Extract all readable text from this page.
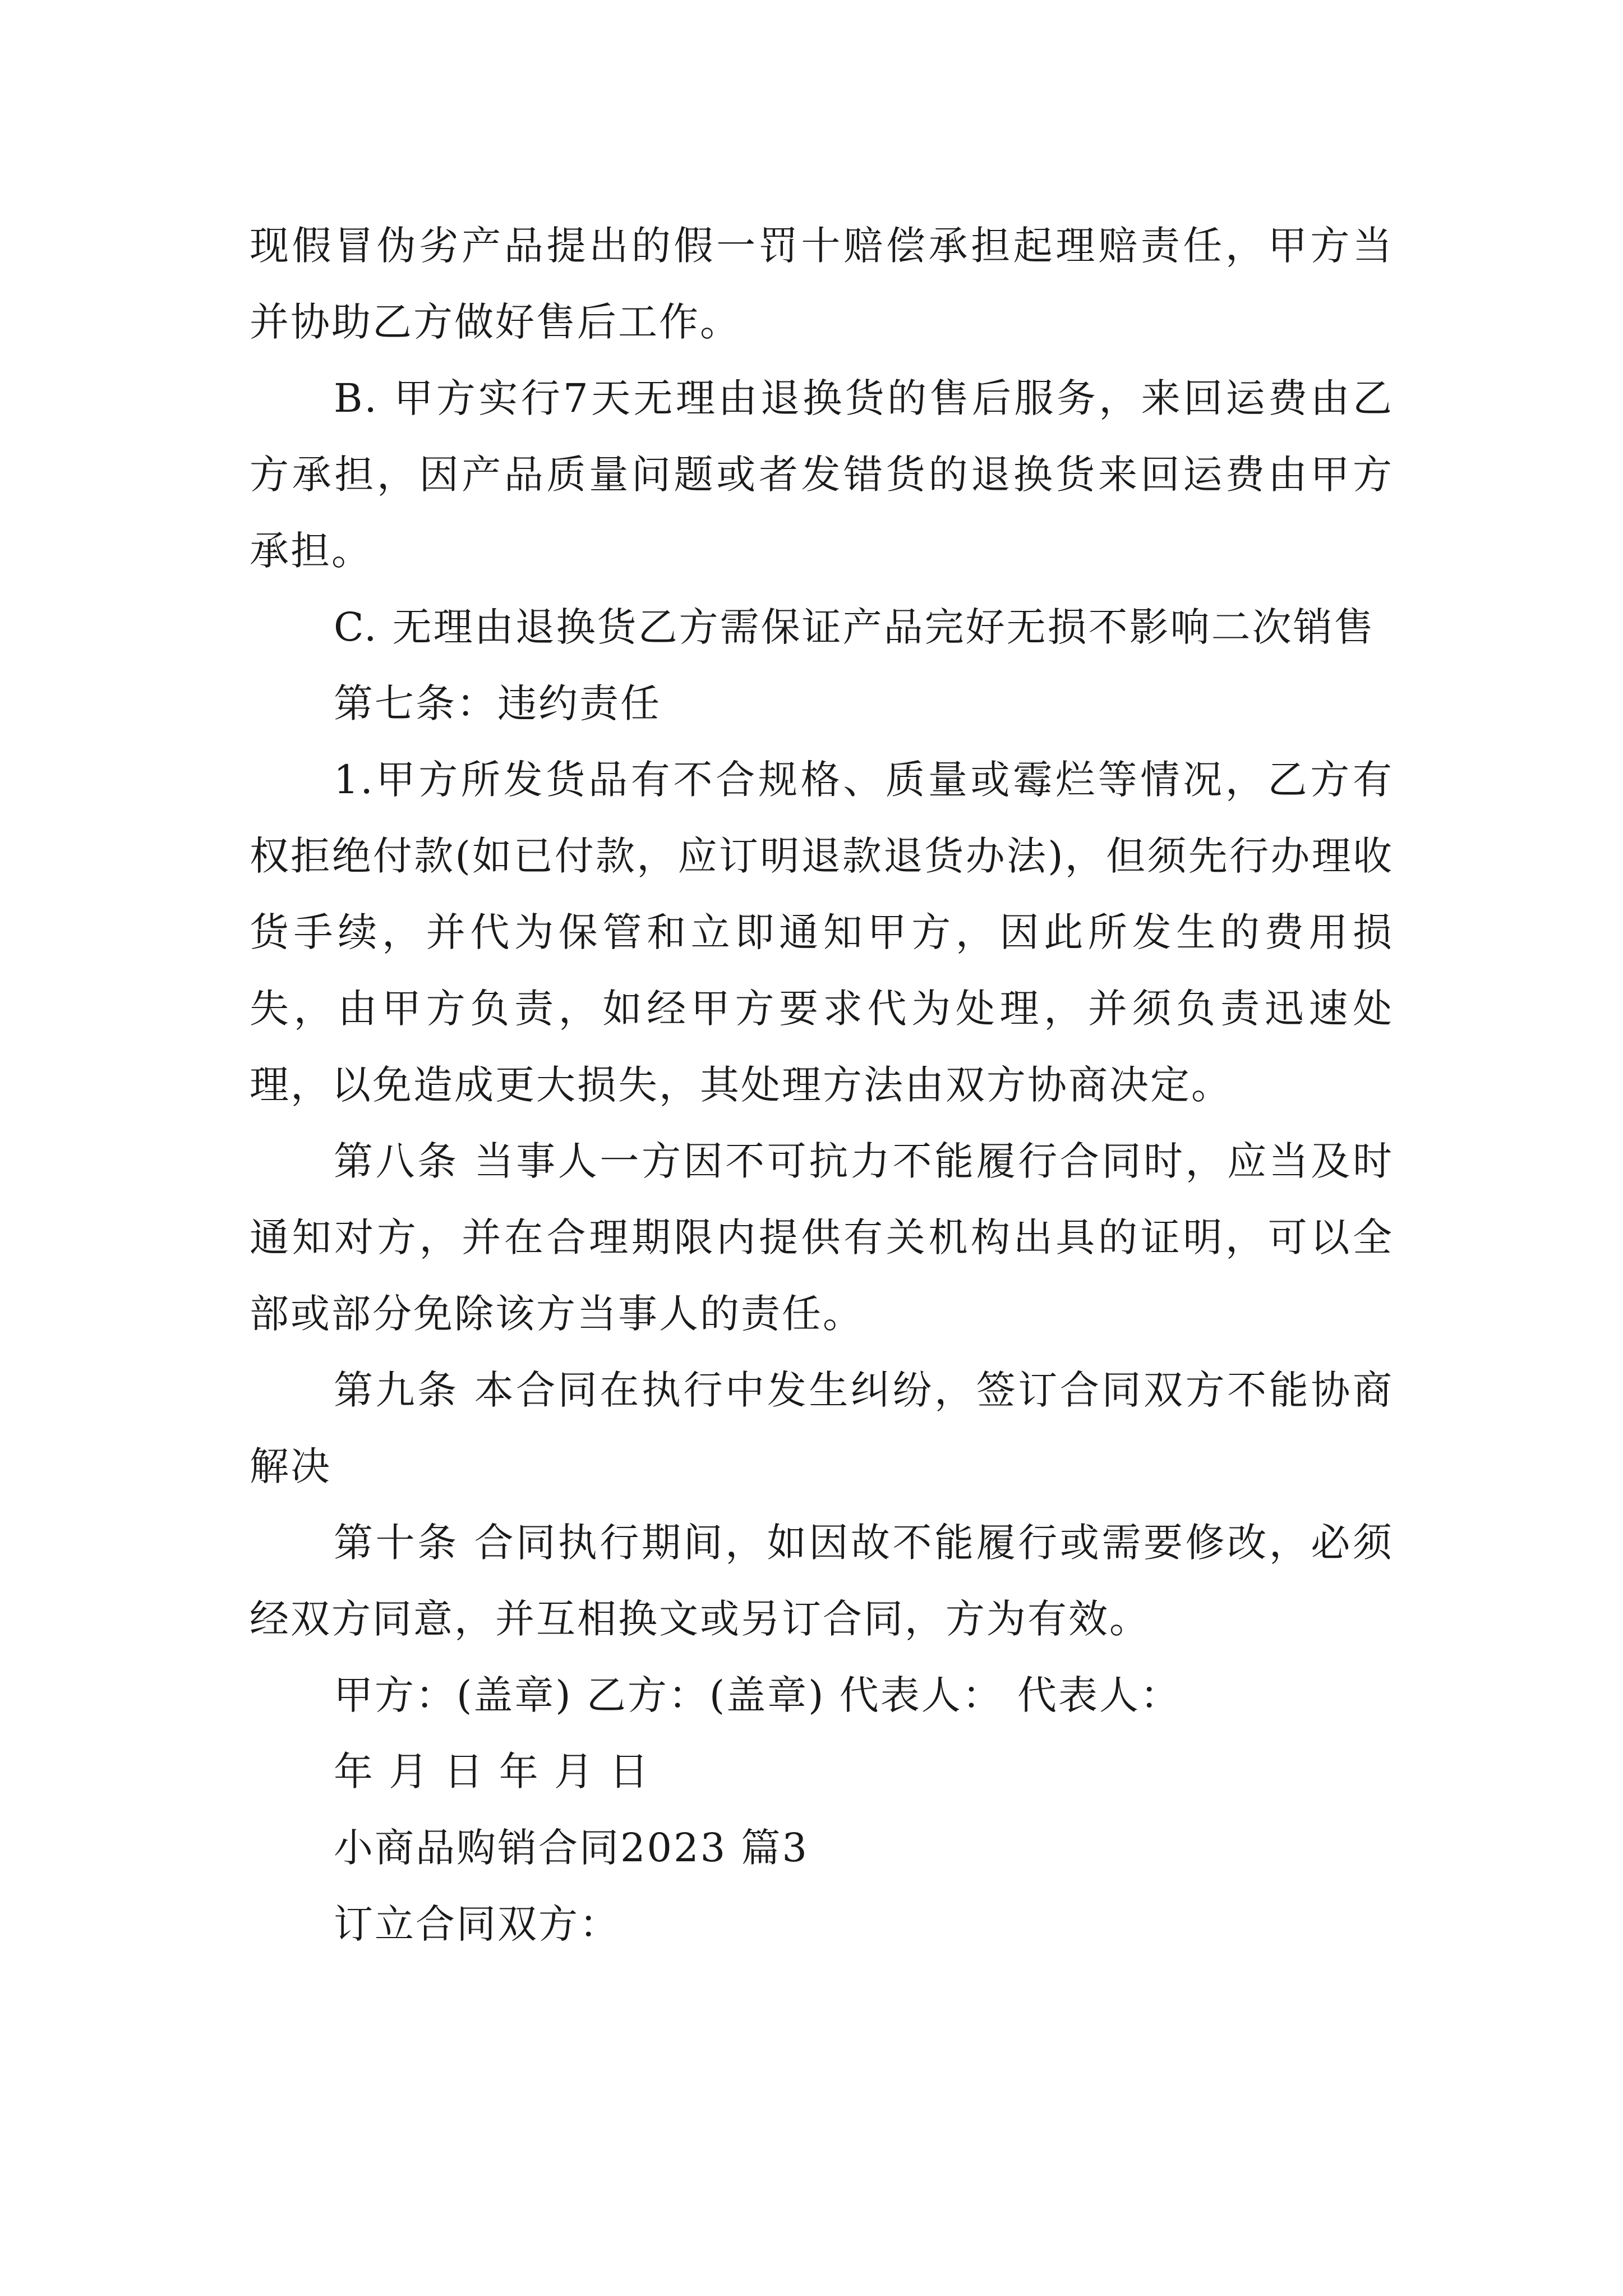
现假冒伪劣产品提出的假一罚十赔偿承担起理赔责任，甲方当并协助乙方做好售后工作。

B. 甲方实行7天无理由退换货的售后服务，来回运费由乙方承担，因产品质量问题或者发错货的退换货来回运费由甲方承担。

C. 无理由退换货乙方需保证产品完好无损不影响二次销售

第七条：违约责任

1.甲方所发货品有不合规格、质量或霉烂等情况，乙方有权拒绝付款(如已付款，应订明退款退货办法)，但须先行办理收货手续，并代为保管和立即通知甲方，因此所发生的费用损失，由甲方负责，如经甲方要求代为处理，并须负责迅速处理，以免造成更大损失，其处理方法由双方协商决定。

第八条 当事人一方因不可抗力不能履行合同时，应当及时通知对方，并在合理期限内提供有关机构出具的证明，可以全部或部分免除该方当事人的责任。

第九条 本合同在执行中发生纠纷，签订合同双方不能协商解决

第十条 合同执行期间，如因故不能履行或需要修改，必须经双方同意，并互相换文或另订合同，方为有效。

甲方：(盖章) 乙方：(盖章) 代表人： 代表人：

年 月 日 年 月 日

小商品购销合同2023 篇3

订立合同双方：
